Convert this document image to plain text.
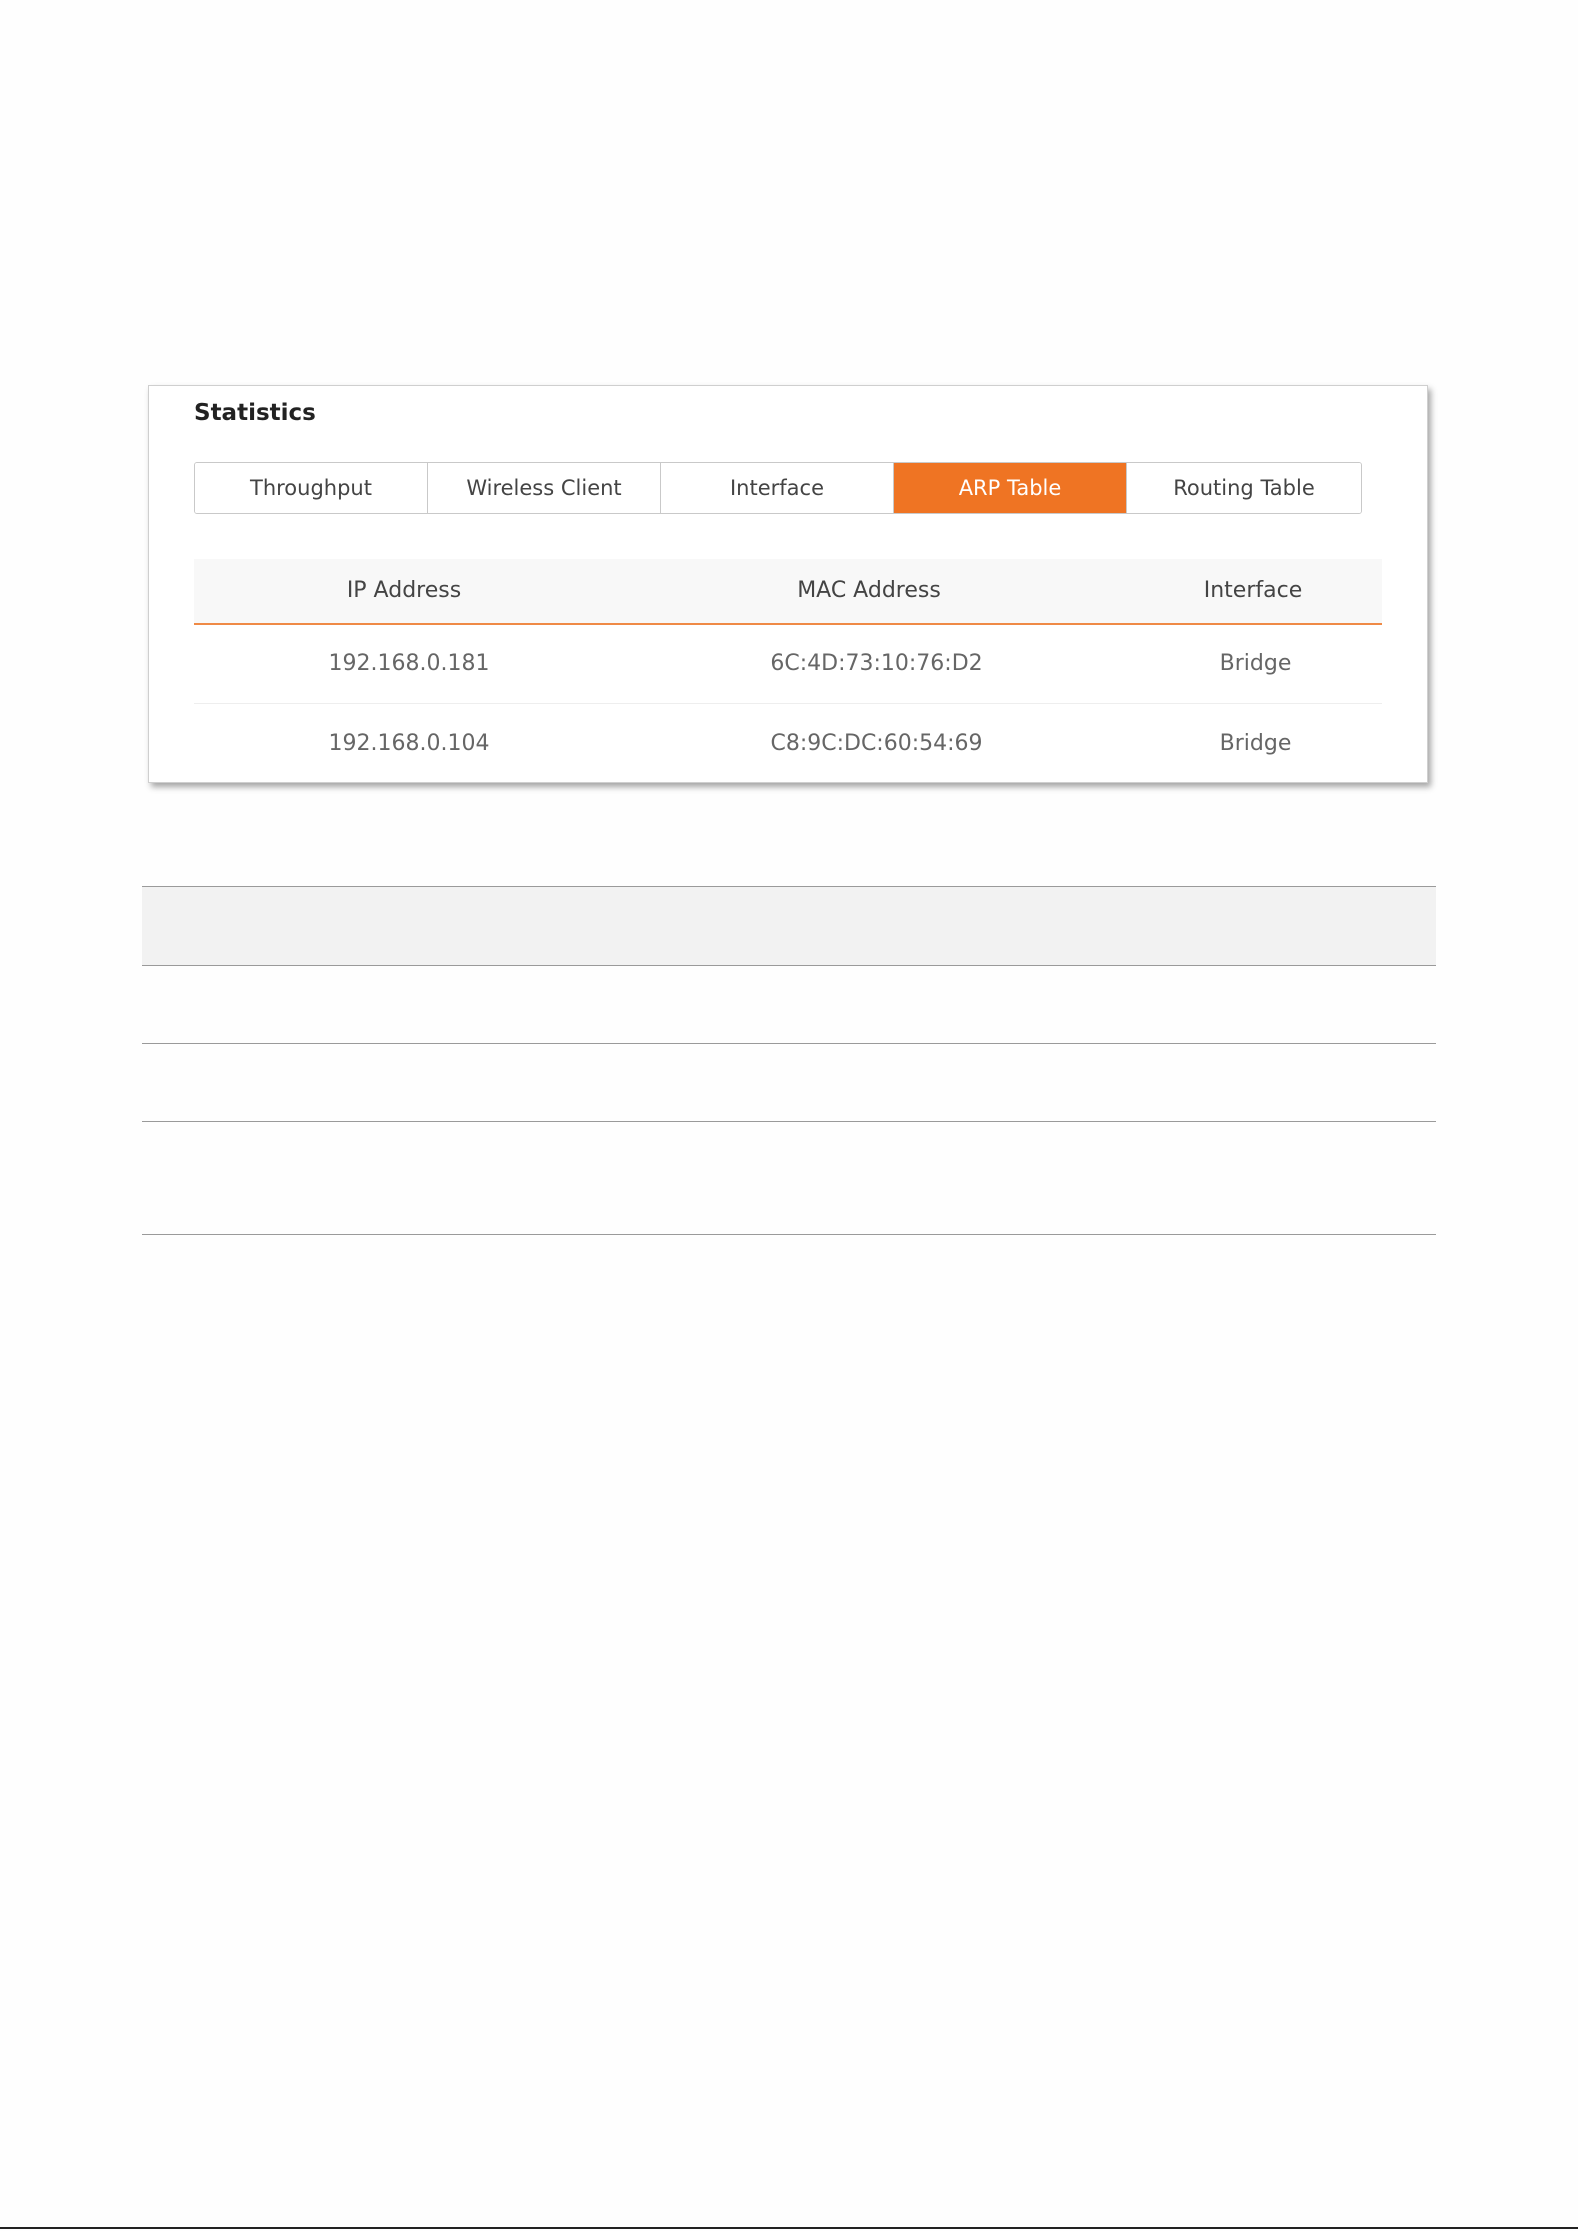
Statistics
Throughput	Wireless Client	Interface	ARP Table	Routing Table
IP Address	MAC Address	Interface
192.168.0.181	6C:4D:73:10:76:D2	Bridge
192.168.0.104	C8:9C:DC:60:54:69	Bridge
